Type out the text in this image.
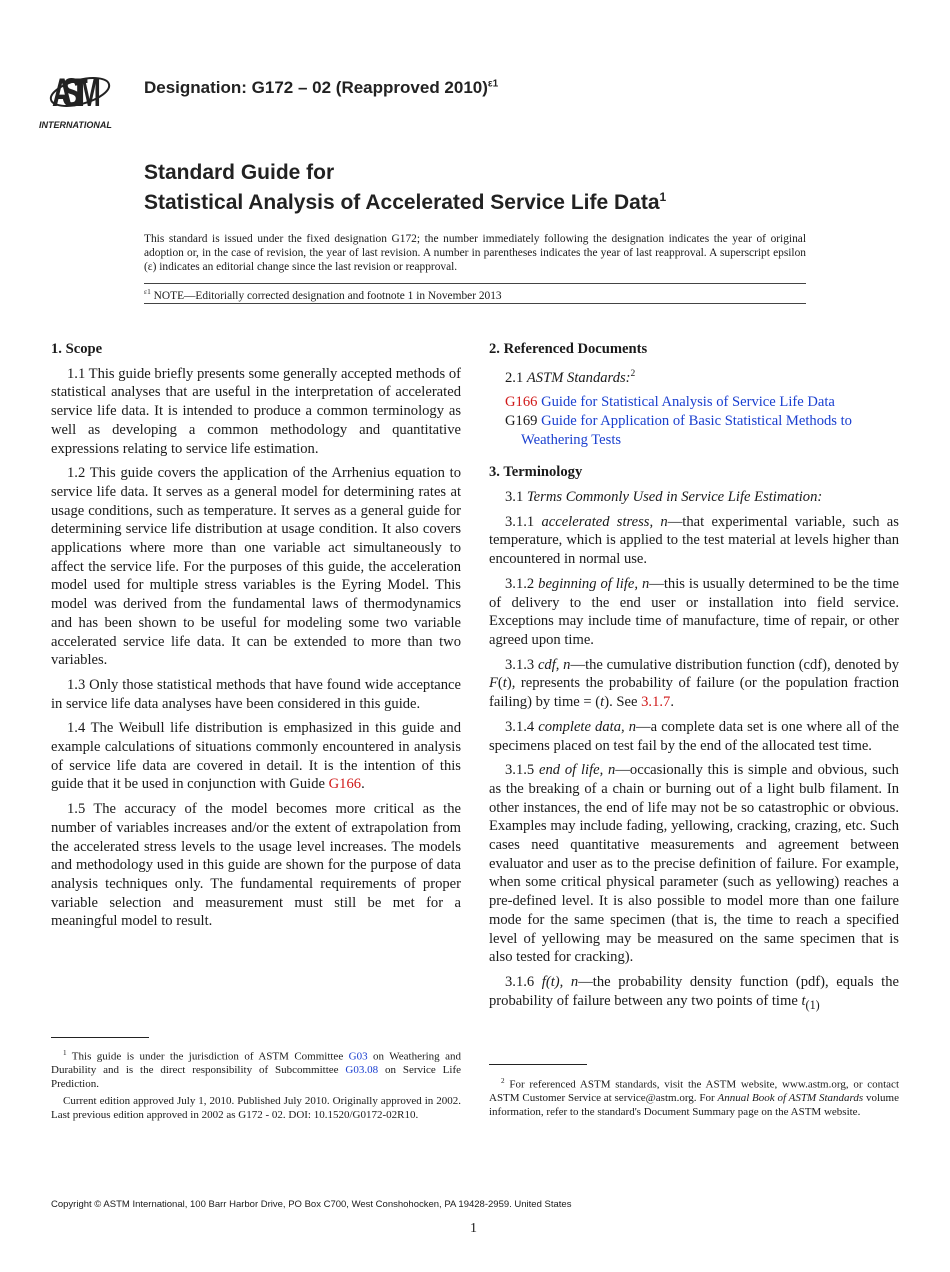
ASTM
INTERNATIONAL
Designation: G172 – 02 (Reapproved 2010)$^{\varepsilon 1}$
Standard Guide for
Statistical Analysis of Accelerated Service Life Data$^1$
This standard is issued under the fixed designation G172; the number immediately following the designation indicates the year of original adoption or, in the case of revision, the year of last revision. A number in parentheses indicates the year of last reapproval. A superscript epsilon (ε) indicates an editorial change since the last revision or reapproval.
$^{\varepsilon 1}$ NOTE—Editorially corrected designation and footnote 1 in November 2013
1. Scope

1.1 This guide briefly presents some generally accepted methods of statistical analyses that are useful in the interpretation of accelerated service life data. It is intended to produce a common terminology as well as developing a common methodology and quantitative expressions relating to service life estimation.

1.2 This guide covers the application of the Arrhenius equation to service life data. It serves as a general model for determining rates at usage conditions, such as temperature. It serves as a general guide for determining service life distribution at usage condition. It also covers applications where more than one variable act simultaneously to affect the service life. For the purposes of this guide, the acceleration model used for multiple stress variables is the Eyring Model. This model was derived from the fundamental laws of thermodynamics and has been shown to be useful for modeling some two variable accelerated service life data. It can be extended to more than two variables.

1.3 Only those statistical methods that have found wide acceptance in service life data analyses have been considered in this guide.

1.4 The Weibull life distribution is emphasized in this guide and example calculations of situations commonly encountered in analysis of service life data are covered in detail. It is the intention of this guide that it be used in conjunction with Guide G166.

1.5 The accuracy of the model becomes more critical as the number of variables increases and/or the extent of extrapolation from the accelerated stress levels to the usage level increases. The models and methodology used in this guide are shown for the purpose of data analysis techniques only. The fundamental requirements of proper variable selection and measurement must still be met for a meaningful model to result.

2. Referenced Documents

2.1 ASTM Standards:$^2$

G166 Guide for Statistical Analysis of Service Life Data

G169 Guide for Application of Basic Statistical Methods to Weathering Tests

3. Terminology

3.1 Terms Commonly Used in Service Life Estimation:

3.1.1 accelerated stress, n—that experimental variable, such as temperature, which is applied to the test material at levels higher than encountered in normal use.

3.1.2 beginning of life, n—this is usually determined to be the time of delivery to the end user or installation into field service. Exceptions may include time of manufacture, time of repair, or other agreed upon time.

3.1.3 cdf, n—the cumulative distribution function (cdf), denoted by F(t), represents the probability of failure (or the population fraction failing) by time = (t). See 3.1.7.

3.1.4 complete data, n—a complete data set is one where all of the specimens placed on test fail by the end of the allocated test time.

3.1.5 end of life, n—occasionally this is simple and obvious, such as the breaking of a chain or burning out of a light bulb filament. In other instances, the end of life may not be so catastrophic or obvious. Examples may include fading, yellowing, cracking, crazing, etc. Such cases need quantitative measurements and agreement between evaluator and user as to the precise definition of failure. For example, when some critical physical parameter (such as yellowing) reaches a pre-defined level. It is also possible to model more than one failure mode for the same specimen (that is, the time to reach a specified level of yellowing may be measured on the same specimen that is also tested for cracking).

3.1.6 f(t), n—the probability density function (pdf), equals the probability of failure between any two points of time $t_{(1)}$

$^1$ This guide is under the jurisdiction of ASTM Committee G03 on Weathering and Durability and is the direct responsibility of Subcommittee G03.08 on Service Life Prediction.

Current edition approved July 1, 2010. Published July 2010. Originally approved in 2002. Last previous edition approved in 2002 as G172 - 02. DOI: 10.1520/G0172-02R10.

$^2$ For referenced ASTM standards, visit the ASTM website, www.astm.org, or contact ASTM Customer Service at service@astm.org. For Annual Book of ASTM Standards volume information, refer to the standard's Document Summary page on the ASTM website.

Copyright © ASTM International, 100 Barr Harbor Drive, PO Box C700, West Conshohocken, PA 19428-2959. United States
1
